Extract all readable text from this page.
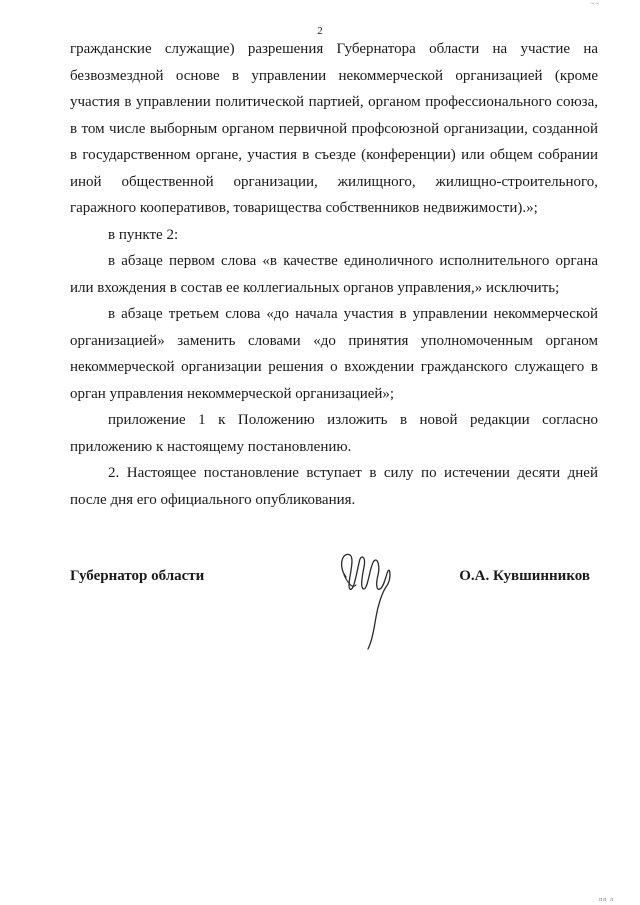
~~
2

гражданские служащие) разрешения Губернатора области на участие на безвозмездной основе в управлении некоммерческой организацией (кроме участия в управлении политической партией, органом профессионального союза, в том числе выборным органом первичной профсоюзной организации, созданной в государственном органе, участия в съезде (конференции) или общем собрании иной общественной организации, жилищного, жилищно-строительного, гаражного кооперативов, товарищества собственников недвижимости).»;

в пункте 2:

в абзаце первом слова «в качестве единоличного исполнительного органа или вхождения в состав ее коллегиальных органов управления,» исключить;

в абзаце третьем слова «до начала участия в управлении некоммерческой организацией» заменить словами «до принятия уполномоченным органом некоммерческой организации решения о вхождении гражданского служащего в орган управления некоммерческой организацией»;

приложение 1 к Положению изложить в новой редакции согласно приложению к настоящему постановлению.

2. Настоящее постановление вступает в силу по истечении десяти дней после дня его официального опубликования.

Губернатор области	О.А. Кувшинников
пп л
